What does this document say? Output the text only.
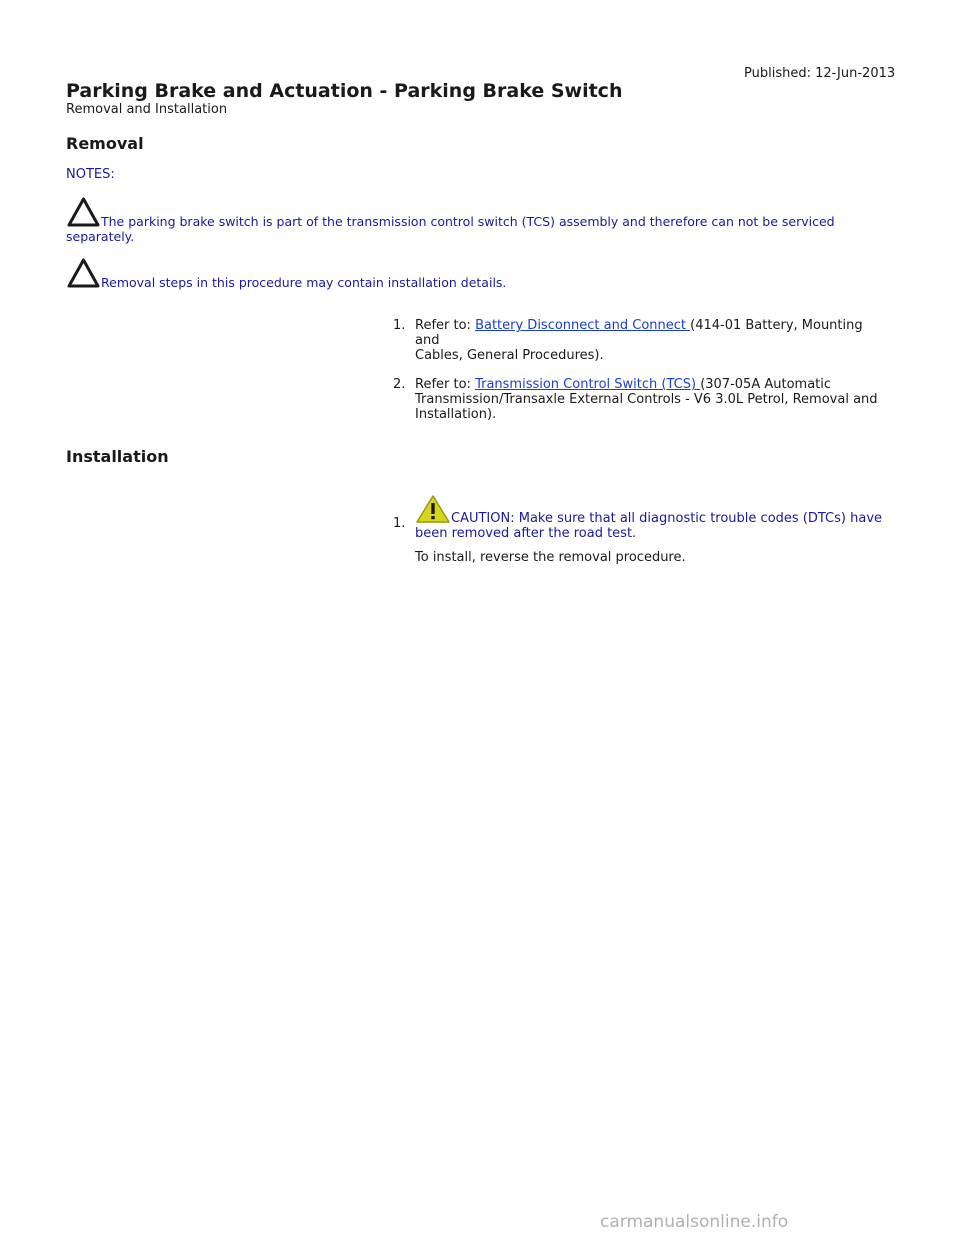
Published: 12-Jun-2013
Parking Brake and Actuation - Parking Brake Switch
Removal and Installation
Removal
NOTES:
The parking brake switch is part of the transmission control switch (TCS) assembly and therefore can not be serviced
separately.
Removal steps in this procedure may contain installation details.
1. Refer to: Battery Disconnect and Connect (414-01 Battery, Mounting and
Cables, General Procedures).
2. Refer to: Transmission Control Switch (TCS) (307-05A Automatic
Transmission/Transaxle External Controls - V6 3.0L Petrol, Removal and
Installation).
Installation
1.	CAUTION: Make sure that all diagnostic trouble codes (DTCs) have
been removed after the road test.
To install, reverse the removal procedure.
carmanualsonline.info
